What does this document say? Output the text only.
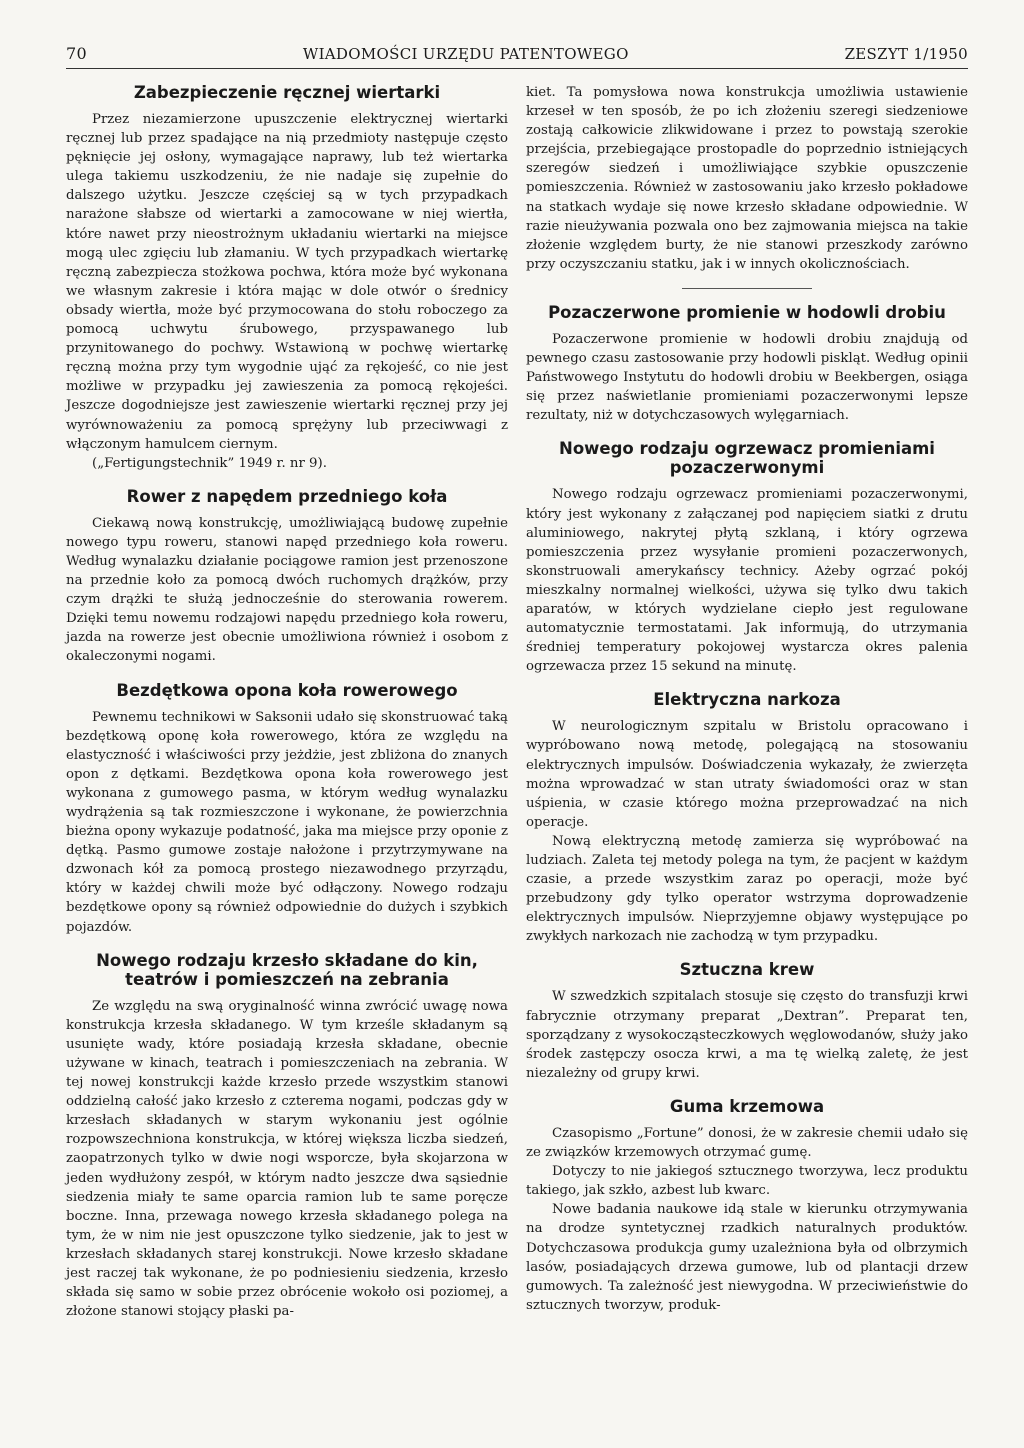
70	WIADOMOŚCI URZĘDU PATENTOWEGO	ZESZYT 1/1950
Zabezpieczenie ręcznej wiertarki

Przez niezamierzone upuszczenie elektrycznej wiertarki ręcznej lub przez spadające na nią przedmioty następuje często pęknięcie jej osłony, wymagające naprawy, lub też wiertarka ulega takiemu uszkodzeniu, że nie nadaje się zupełnie do dalszego użytku. Jeszcze częściej są w tych przypadkach narażone słabsze od wiertarki a zamocowane w niej wiertła, które nawet przy nieostrożnym układaniu wiertarki na miejsce mogą ulec zgięciu lub złamaniu. W tych przypadkach wiertarkę ręczną zabezpiecza stożkowa pochwa, która może być wykonana we własnym zakresie i która mając w dole otwór o średnicy obsady wiertła, może być przymocowana do stołu roboczego za pomocą uchwytu śrubowego, przyspawanego lub przynitowanego do pochwy. Wstawioną w pochwę wiertarkę ręczną można przy tym wygodnie ująć za rękojeść, co nie jest możliwe w przypadku jej zawieszenia za pomocą rękojeści. Jeszcze dogodniejsze jest zawieszenie wiertarki ręcznej przy jej wyrównoważeniu za pomocą sprężyny lub przeciwwagi z włączonym hamulcem ciernym.

(„Fertigungstechnik” 1949 r. nr 9).

Rower z napędem przedniego koła

Ciekawą nową konstrukcję, umożliwiającą budowę zupełnie nowego typu roweru, stanowi napęd przedniego koła roweru. Według wynalazku działanie pociągowe ramion jest przenoszone na przednie koło za pomocą dwóch ruchomych drążków, przy czym drążki te służą jednocześnie do sterowania rowerem. Dzięki temu nowemu rodzajowi napędu przedniego koła roweru, jazda na rowerze jest obecnie umożliwiona również i osobom z okaleczonymi nogami.

Bezdętkowa opona koła rowerowego

Pewnemu technikowi w Saksonii udało się skonstruować taką bezdętkową oponę koła rowerowego, która ze względu na elastyczność i właściwości przy jeżdżie, jest zbliżona do znanych opon z dętkami. Bezdętkowa opona koła rowerowego jest wykonana z gumowego pasma, w którym według wynalazku wydrążenia są tak rozmieszczone i wykonane, że powierzchnia bieżna opony wykazuje podatność, jaka ma miejsce przy oponie z dętką. Pasmo gumowe zostaje nałożone i przytrzymywane na dzwonach kół za pomocą prostego niezawodnego przyrządu, który w każdej chwili może być odłączony. Nowego rodzaju bezdętkowe opony są również odpowiednie do dużych i szybkich pojazdów.

Nowego rodzaju krzesło składane do kin, teatrów i pomieszczeń na zebrania

Ze względu na swą oryginalność winna zwrócić uwagę nowa konstrukcja krzesła składanego. W tym krześle składanym są usunięte wady, które posiadają krzesła składane, obecnie używane w kinach, teatrach i pomieszczeniach na zebrania. W tej nowej konstrukcji każde krzesło przede wszystkim stanowi oddzielną całość jako krzesło z czterema nogami, podczas gdy w krzesłach składanych w starym wykonaniu jest ogólnie rozpowszechniona konstrukcja, w której większa liczba siedzeń, zaopatrzonych tylko w dwie nogi wsporcze, była skojarzona w jeden wydłużony zespół, w którym nadto jeszcze dwa sąsiednie siedzenia miały te same oparcia ramion lub te same poręcze boczne. Inna, przewaga nowego krzesła składanego polega na tym, że w nim nie jest opuszczone tylko siedzenie, jak to jest w krzesłach składanych starej konstrukcji. Nowe krzesło składane jest raczej tak wykonane, że po podniesieniu siedzenia, krzesło składa się samo w sobie przez obrócenie wokoło osi poziomej, a złożone stanowi stojący płaski pa-

kiet. Ta pomysłowa nowa konstrukcja umożliwia ustawienie krzeseł w ten sposób, że po ich złożeniu szeregi siedzeniowe zostają całkowicie zlikwidowane i przez to powstają szerokie przejścia, przebiegające prostopadle do poprzednio istniejących szeregów siedzeń i umożliwiające szybkie opuszczenie pomieszczenia. Również w zastosowaniu jako krzesło pokładowe na statkach wydaje się nowe krzesło składane odpowiednie. W razie nieużywania pozwala ono bez zajmowania miejsca na takie złożenie względem burty, że nie stanowi przeszkody zarówno przy oczyszczaniu statku, jak i w innych okolicznościach.

Pozaczerwone promienie w hodowli drobiu

Pozaczerwone promienie w hodowli drobiu znajdują od pewnego czasu zastosowanie przy hodowli piskląt. Według opinii Państwowego Instytutu do hodowli drobiu w Beekbergen, osiąga się przez naświetlanie promieniami pozaczerwonymi lepsze rezultaty, niż w dotychczasowych wylęgarniach.

Nowego rodzaju ogrzewacz promieniami pozaczerwonymi

Nowego rodzaju ogrzewacz promieniami pozaczerwonymi, który jest wykonany z załączanej pod napięciem siatki z drutu aluminiowego, nakrytej płytą szklaną, i który ogrzewa pomieszczenia przez wysyłanie promieni pozaczerwonych, skonstruowali amerykańscy technicy. Ażeby ogrzać pokój mieszkalny normalnej wielkości, używa się tylko dwu takich aparatów, w których wydzielane ciepło jest regulowane automatycznie termostatami. Jak informują, do utrzymania średniej temperatury pokojowej wystarcza okres palenia ogrzewacza przez 15 sekund na minutę.

Elektryczna narkoza

W neurologicznym szpitalu w Bristolu opracowano i wypróbowano nową metodę, polegającą na stosowaniu elektrycznych impulsów. Doświadczenia wykazały, że zwierzęta można wprowadzać w stan utraty świadomości oraz w stan uśpienia, w czasie którego można przeprowadzać na nich operacje.

Nową elektryczną metodę zamierza się wypróbować na ludziach. Zaleta tej metody polega na tym, że pacjent w każdym czasie, a przede wszystkim zaraz po operacji, może być przebudzony gdy tylko operator wstrzyma doprowadzenie elektrycznych impulsów. Nieprzyjemne objawy występujące po zwykłych narkozach nie zachodzą w tym przypadku.

Sztuczna krew

W szwedzkich szpitalach stosuje się często do transfuzji krwi fabrycznie otrzymany preparat „Dextran”. Preparat ten, sporządzany z wysokocząsteczkowych węglowodanów, służy jako środek zastępczy osocza krwi, a ma tę wielką zaletę, że jest niezależny od grupy krwi.

Guma krzemowa

Czasopismo „Fortune” donosi, że w zakresie chemii udało się ze związków krzemowych otrzymać gumę.

Dotyczy to nie jakiegoś sztucznego tworzywa, lecz produktu takiego, jak szkło, azbest lub kwarc.

Nowe badania naukowe idą stale w kierunku otrzymywania na drodze syntetycznej rzadkich naturalnych produktów. Dotychczasowa produkcja gumy uzależniona była od olbrzymich lasów, posiadających drzewa gumowe, lub od plantacji drzew gumowych. Ta zależność jest niewygodna. W przeciwieństwie do sztucznych tworzyw, produk-
